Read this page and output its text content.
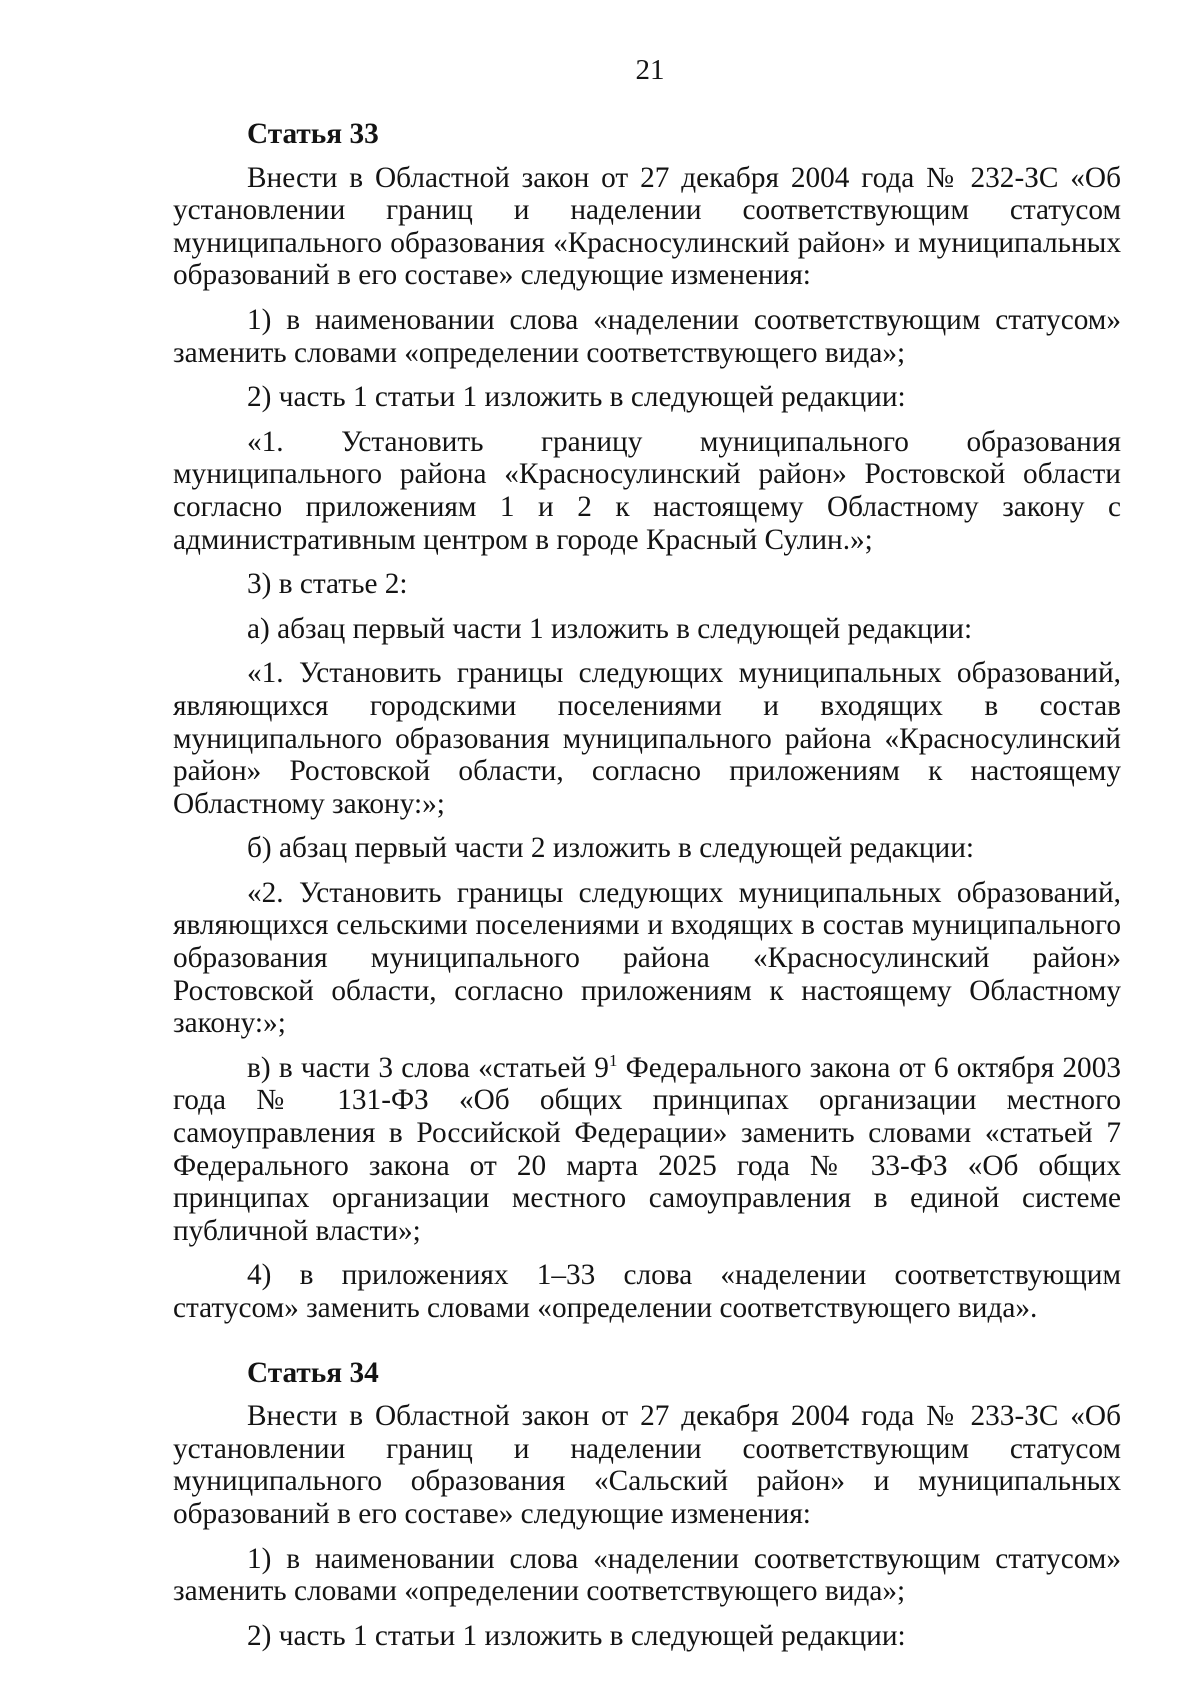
21

Статья 33

Внести в Областной закон от 27 декабря 2004 года № 232-ЗС «Об установлении границ и наделении соответствующим статусом муниципального образования «Красносулинский район» и муниципальных образований в его составе» следующие изменения:

1) в наименовании слова «наделении соответствующим статусом» заменить словами «определении соответствующего вида»;

2) часть 1 статьи 1 изложить в следующей редакции:

«1. Установить границу муниципального образования муниципального района «Красносулинский район» Ростовской области согласно приложениям 1 и 2 к настоящему Областному закону с административным центром в городе Красный Сулин.»;

3) в статье 2:

а) абзац первый части 1 изложить в следующей редакции:

«1. Установить границы следующих муниципальных образований, являющихся городскими поселениями и входящих в состав муниципального образования муниципального района «Красносулинский район» Ростовской области, согласно приложениям к настоящему Областному закону:»;

б) абзац первый части 2 изложить в следующей редакции:

«2. Установить границы следующих муниципальных образований, являющихся сельскими поселениями и входящих в состав муниципального образования муниципального района «Красносулинский район» Ростовской области, согласно приложениям к настоящему Областному закону:»;

в) в части 3 слова «статьей $9^1$ Федерального закона от 6 октября 2003 года № 131-ФЗ «Об общих принципах организации местного самоуправления в Российской Федерации» заменить словами «статьей 7 Федерального закона от 20 марта 2025 года № 33-ФЗ «Об общих принципах организации местного самоуправления в единой системе публичной власти»;

4) в приложениях 1–33 слова «наделении соответствующим статусом» заменить словами «определении соответствующего вида».

Статья 34

Внести в Областной закон от 27 декабря 2004 года № 233-ЗС «Об установлении границ и наделении соответствующим статусом муниципального образования «Сальский район» и муниципальных образований в его составе» следующие изменения:

1) в наименовании слова «наделении соответствующим статусом» заменить словами «определении соответствующего вида»;

2) часть 1 статьи 1 изложить в следующей редакции:
